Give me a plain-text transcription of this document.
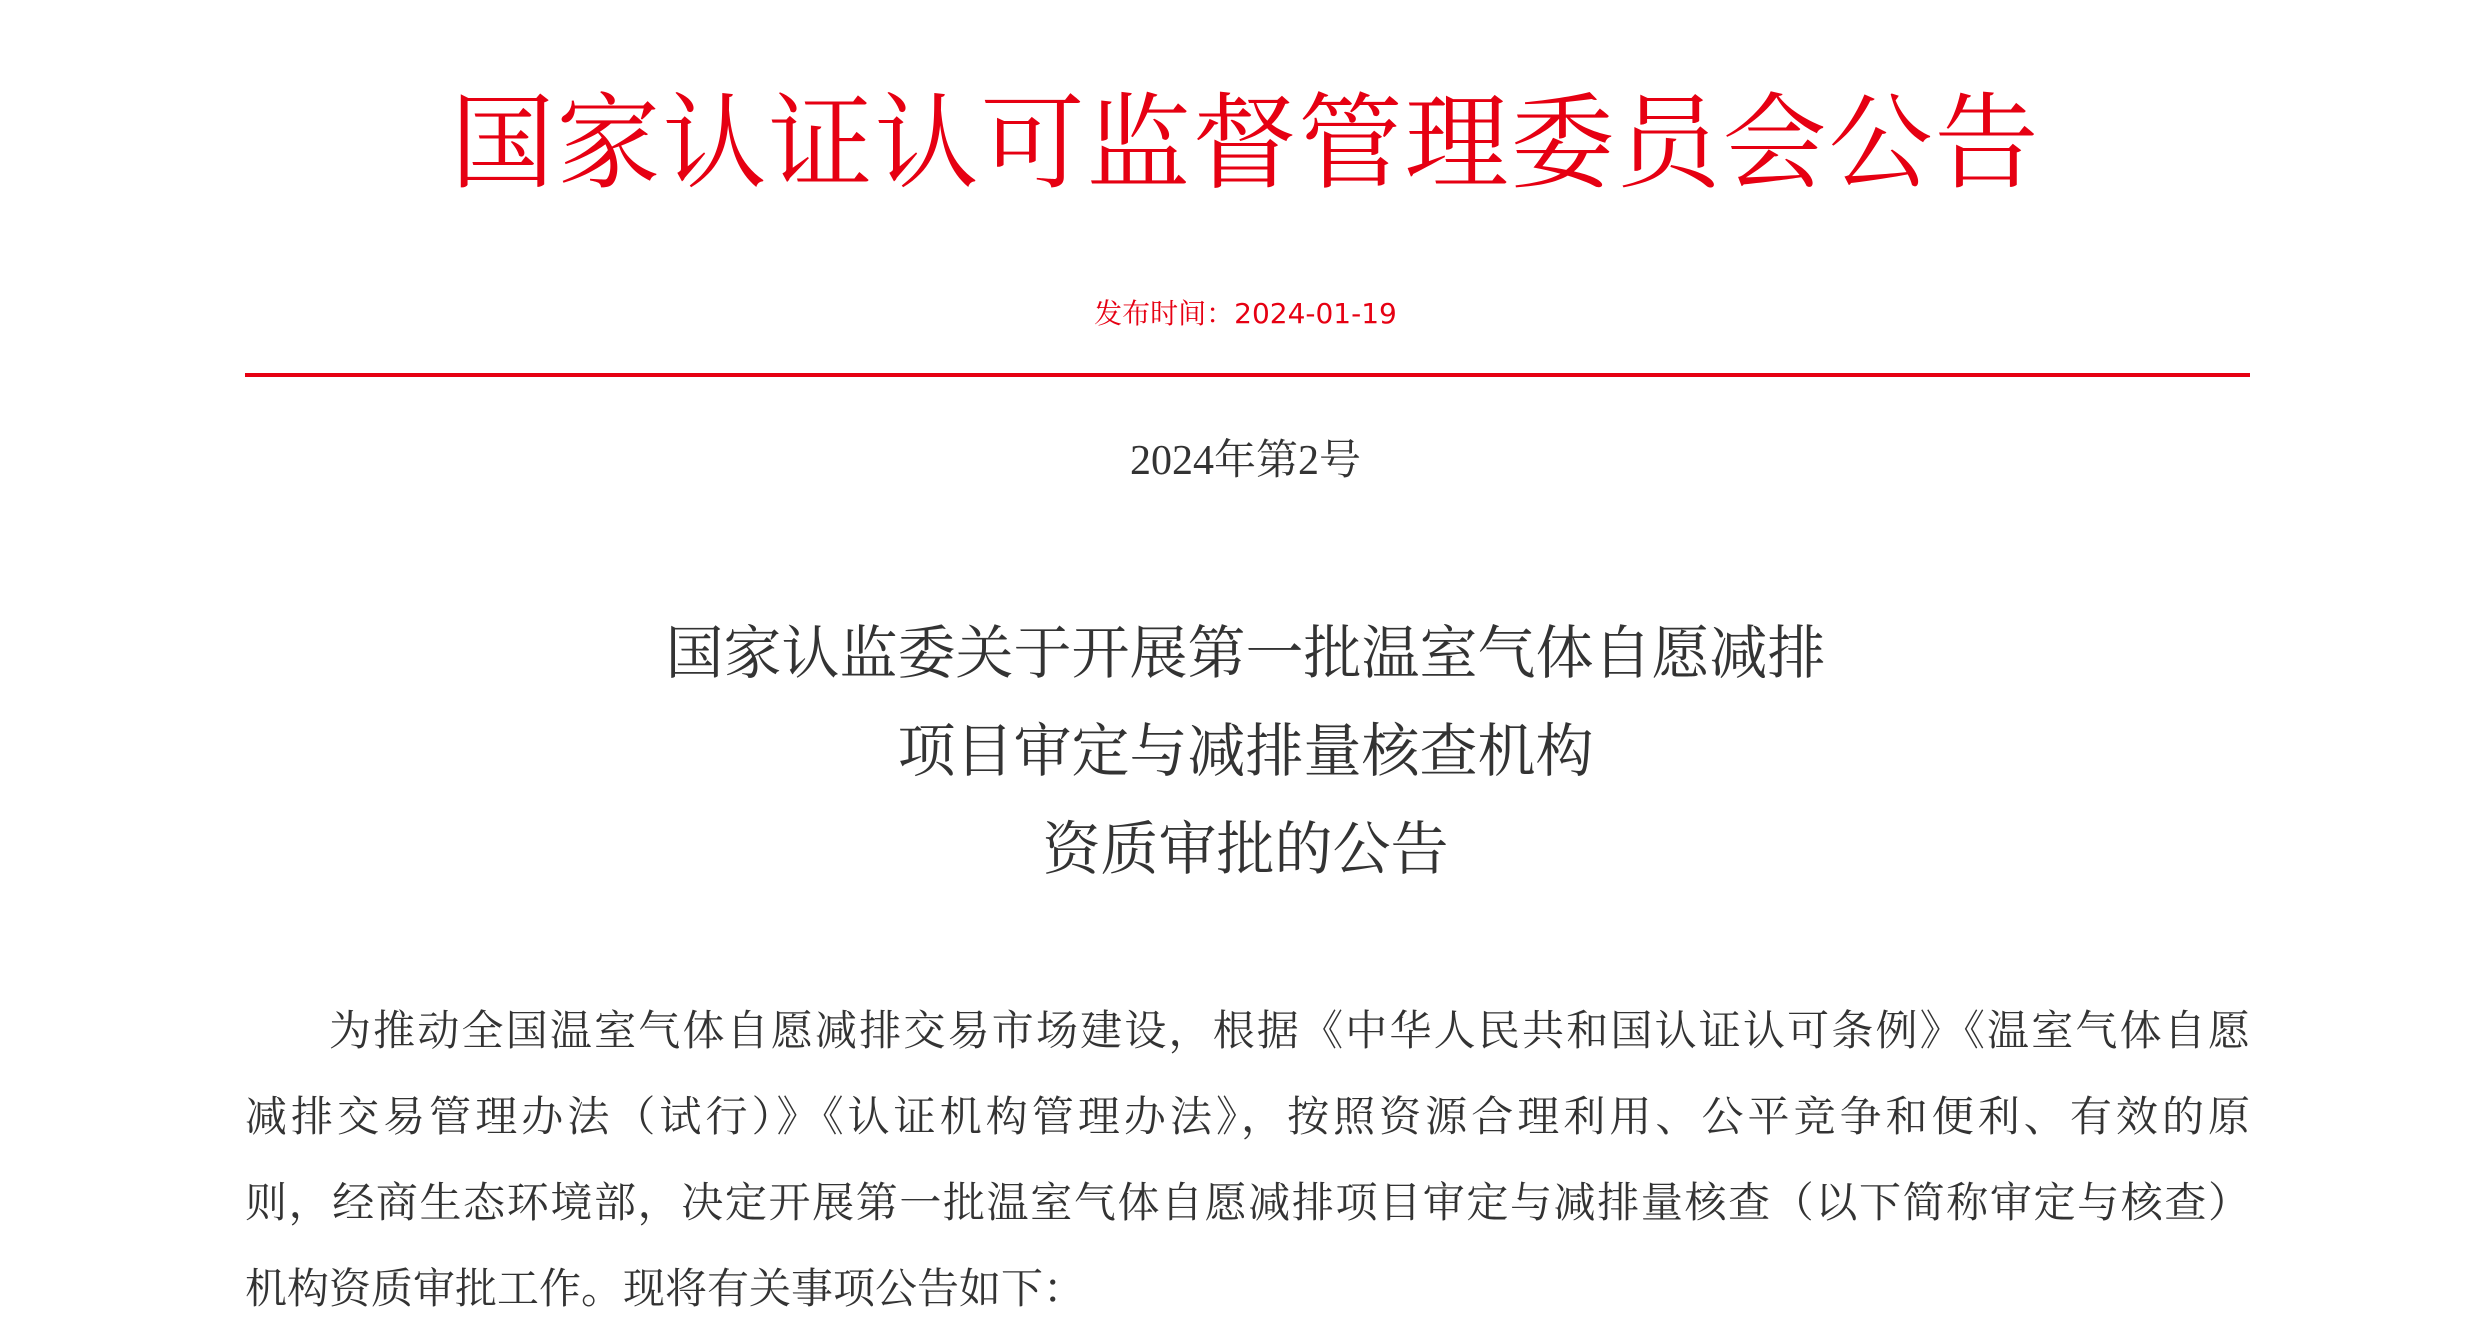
国家认证认可监督管理委员会公告
发布时间：2024-01-19
2024年第2号
国家认监委关于开展第一批温室气体自愿减排
项目审定与减排量核查机构
资质审批的公告
为推动全国温室气体自愿减排交易市场建设，根据《中华人民共和国认证认可条例》《温室气体自愿
减排交易管理办法（试行）》《认证机构管理办法》，按照资源合理利用、公平竞争和便利、有效的原
则，经商生态环境部，决定开展第一批温室气体自愿减排项目审定与减排量核查（以下简称审定与核查）
机构资质审批工作。现将有关事项公告如下：
